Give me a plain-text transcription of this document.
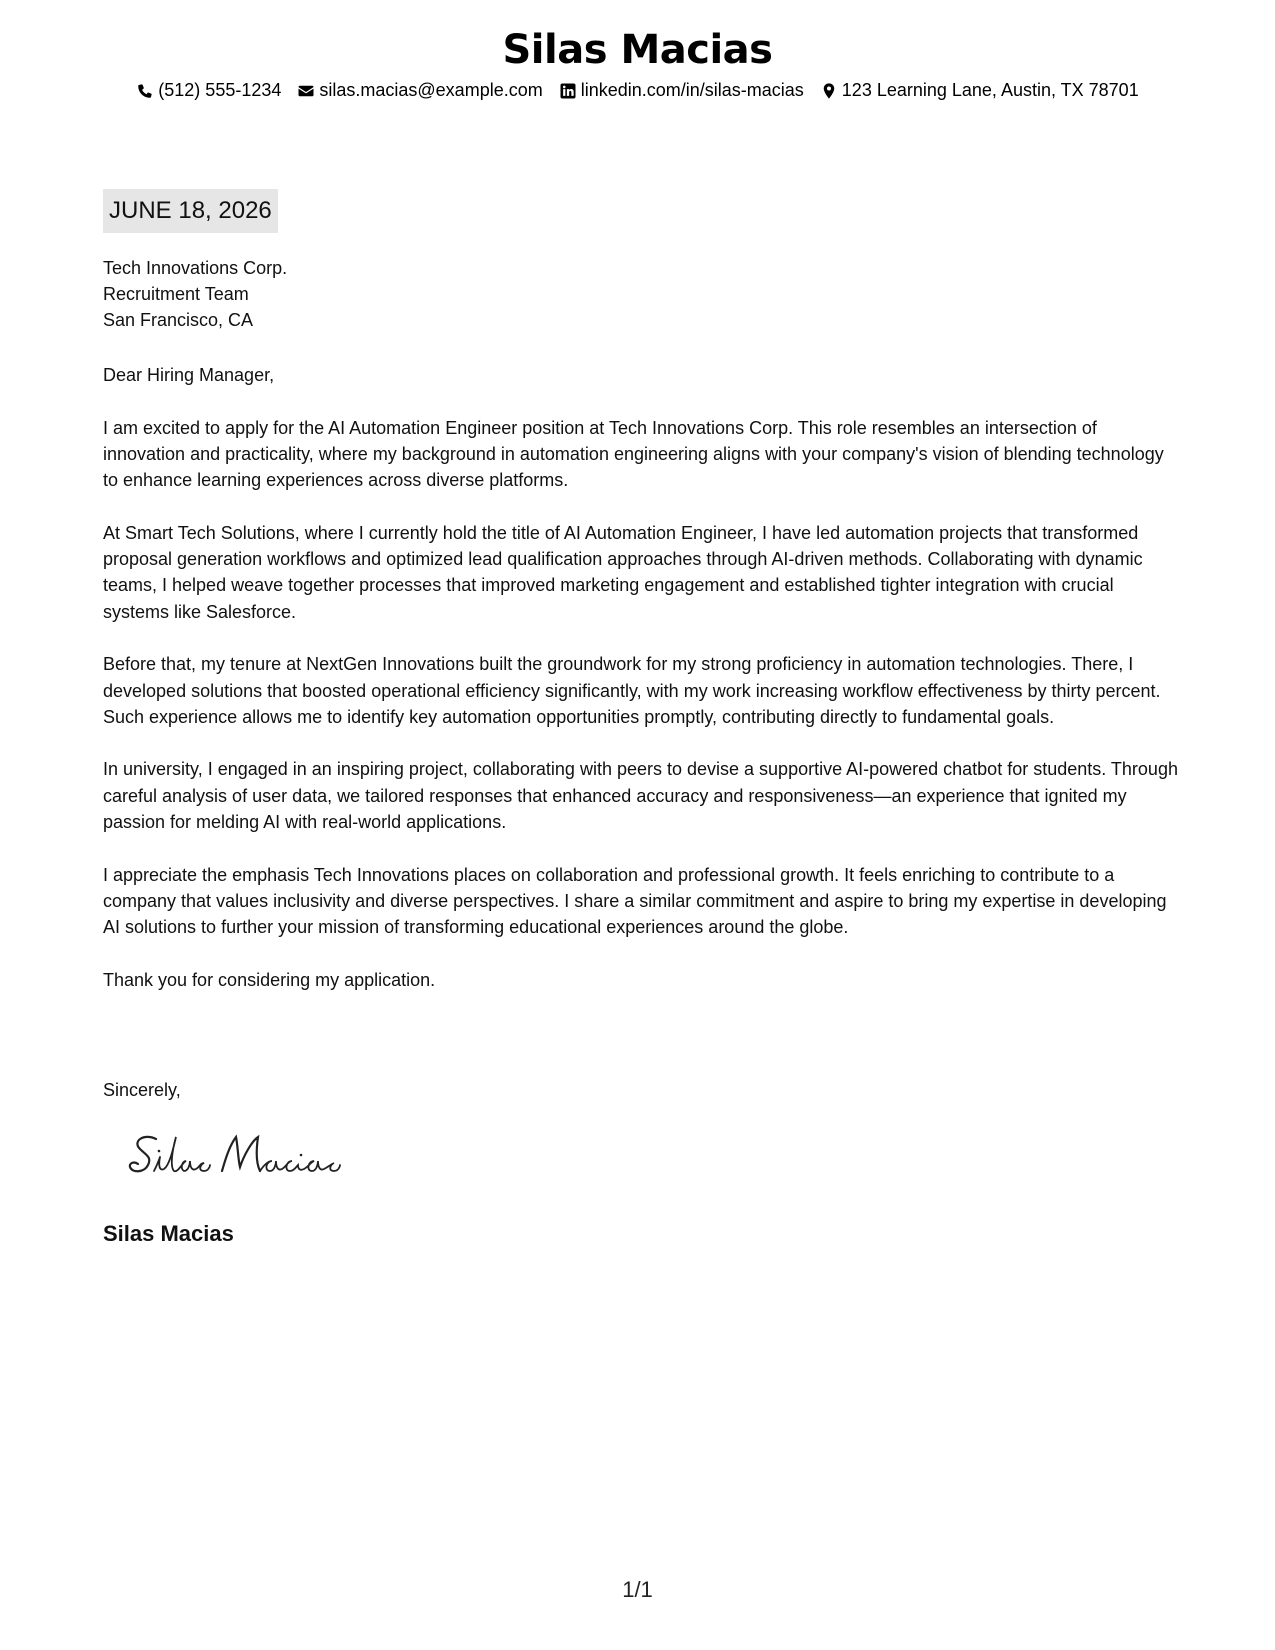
Silas Macias
(512) 555-1234 silas.macias@example.com linkedin.com/in/silas-macias 123 Learning Lane, Austin, TX 78701
JUNE 18, 2026
Tech Innovations Corp.
Recruitment Team
San Francisco, CA

Dear Hiring Manager,

I am excited to apply for the AI Automation Engineer position at Tech Innovations Corp. This role resembles an intersection of innovation and practicality, where my background in automation engineering aligns with your company's vision of blending technology to enhance learning experiences across diverse platforms.

At Smart Tech Solutions, where I currently hold the title of AI Automation Engineer, I have led automation projects that transformed proposal generation workflows and optimized lead qualification approaches through AI-driven methods. Collaborating with dynamic teams, I helped weave together processes that improved marketing engagement and established tighter integration with crucial systems like Salesforce.

Before that, my tenure at NextGen Innovations built the groundwork for my strong proficiency in automation technologies. There, I developed solutions that boosted operational efficiency significantly, with my work increasing workflow effectiveness by thirty percent. Such experience allows me to identify key automation opportunities promptly, contributing directly to fundamental goals.

In university, I engaged in an inspiring project, collaborating with peers to devise a supportive AI-powered chatbot for students. Through careful analysis of user data, we tailored responses that enhanced accuracy and responsiveness—an experience that ignited my passion for melding AI with real-world applications.

I appreciate the emphasis Tech Innovations places on collaboration and professional growth. It feels enriching to contribute to a company that values inclusivity and diverse perspectives. I share a similar commitment and aspire to bring my expertise in developing AI solutions to further your mission of transforming educational experiences around the globe.

Thank you for considering my application.

Sincerely,
Silas Macias
1/1
